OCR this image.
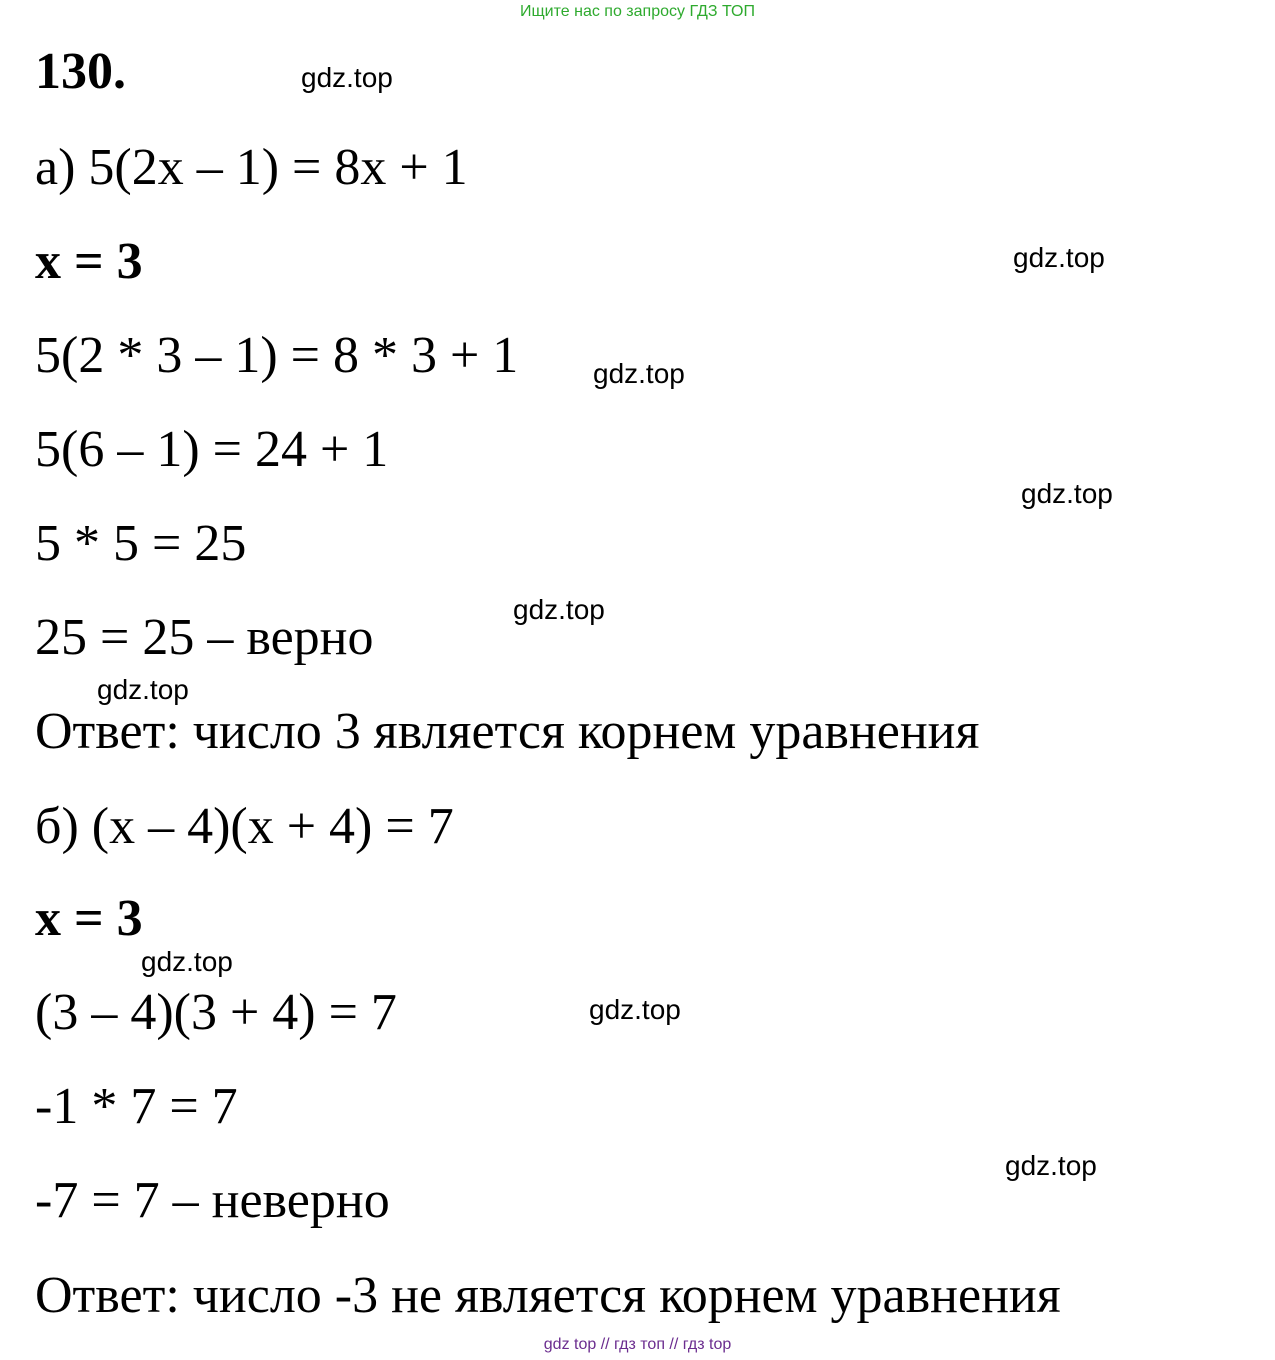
Ищите нас по запросу ГДЗ ТОП
130.	gdz.top
а) 5(2x – 1) = 8x + 1
x = 3	gdz.top
5(2 * 3 – 1) = 8 * 3 + 1	gdz.top
5(6 – 1) = 24 + 1
gdz.top
5 * 5 = 25
gdz.top
25 = 25 – верно
gdz.top
Ответ: число 3 является корнем уравнения
б) (x – 4)(x + 4) = 7
x = 3
gdz.top
(3 – 4)(3 + 4) = 7	gdz.top
-1 * 7 = 7
gdz.top
-7 = 7 – неверно
Ответ: число -3 не является корнем уравнения
gdz top // гдз топ // гдз top
